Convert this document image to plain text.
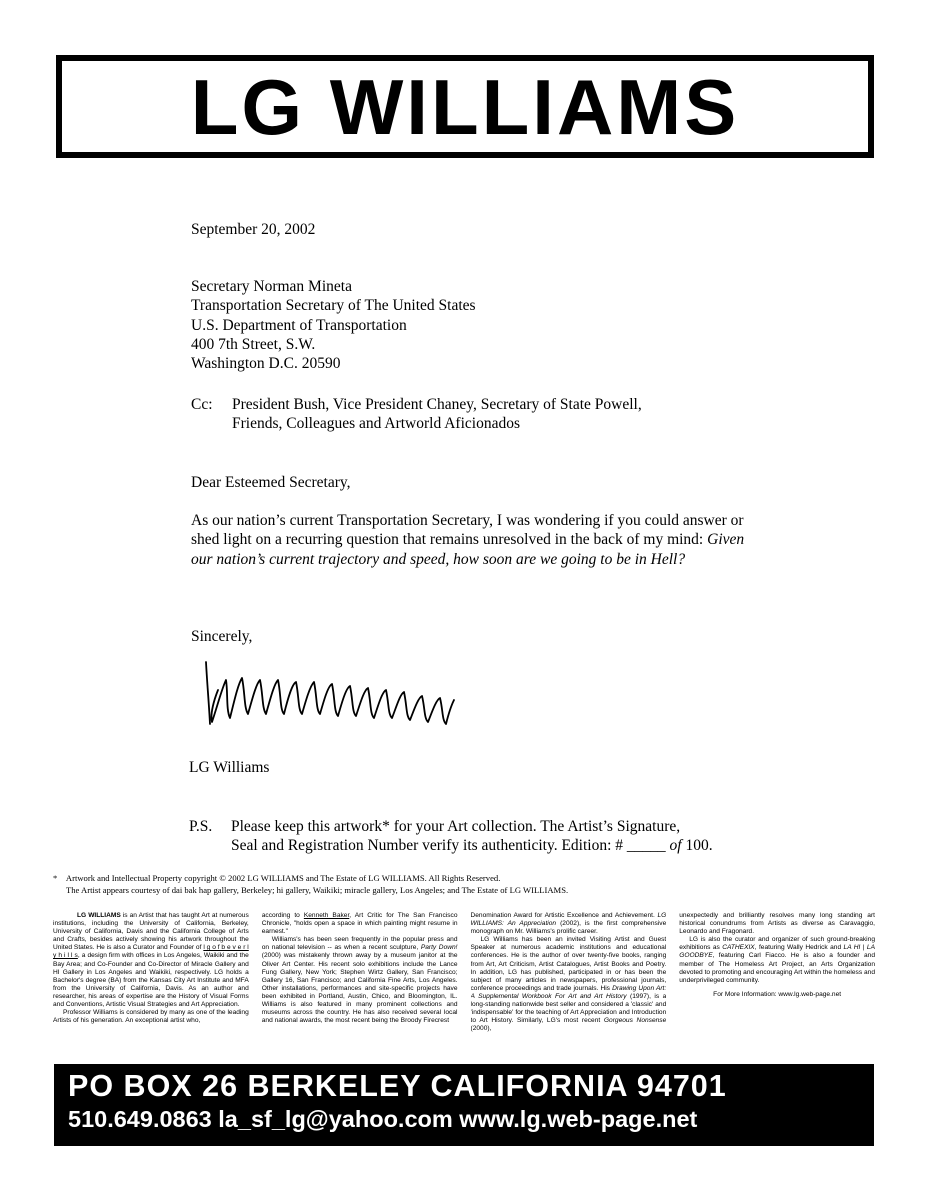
LG WILLIAMS
September 20, 2002
Secretary Norman Mineta
Transportation Secretary of The United States
U.S. Department of Transportation
400 7th Street, S.W.
Washington D.C. 20590
Cc: President Bush, Vice President Chaney, Secretary of State Powell,
Friends, Colleagues and Artworld Aficionados
Dear Esteemed Secretary,
As our nation’s current Transportation Secretary, I was wondering if you could answer or shed light on a recurring question that remains unresolved in the back of my mind: Given our nation’s current trajectory and speed, how soon are we going to be in Hell?
Sincerely,
LG Williams
P.S. Please keep this artwork* for your Art collection. The Artist’s Signature,
Seal and Registration Number verify its authenticity. Edition: # _____ of 100.
* Artwork and Intellectual Property copyright © 2002 LG WILLIAMS and The Estate of LG WILLIAMS. All Rights Reserved.
The Artist appears courtesy of dai bak hap gallery, Berkeley; hi gallery, Waikiki; miracle gallery, Los Angeles; and The Estate of LG WILLIAMS.

LG WILLIAMS is an Artist that has taught Art at numerous institutions, including the University of California, Berkeley, University of California, Davis and the California College of Arts and Crafts, besides actively showing his artwork throughout the United States. He is also a Curator and Founder of l g o f b e v e r l y h i l l s, a design firm with offices in Los Angeles, Waikiki and the Bay Area; and Co-Founder and Co-Director of Miracle Gallery and HI Gallery in Los Angeles and Waikiki, respectively. LG holds a Bachelor's degree (BA) from the Kansas City Art Institute and MFA from the University of California, Davis. As an author and researcher, his areas of expertise are the History of Visual Forms and Conventions, Artistic Visual Strategies and Art Appreciation.

Professor Williams is considered by many as one of the leading Artists of his generation. An exceptional artist who,

according to Kenneth Baker, Art Critic for The San Francisco Chronicle, "holds open a space in which painting might resume in earnest."

Williams's has been seen frequently in the popular press and on national television -- as when a recent sculpture, Party Down! (2000) was mistakenly thrown away by a museum janitor at the Oliver Art Center. His recent solo exhibitions include the Lance Fung Gallery, New York; Stephen Wirtz Gallery, San Francisco; Gallery 16, San Francisco; and California Fine Arts, Los Angeles. Other installations, performances and site-specific projects have been exhibited in Portland, Austin, Chico, and Bloomington, IL. Williams is also featured in many prominent collections and museums across the country. He has also received several local and national awards, the most recent being the Broody Firecrest

Denomination Award for Artistic Excellence and Achievement. LG WILLIAMS: An Appreciation (2002), is the first comprehensive monograph on Mr. Williams's prolific career.

LG Williams has been an invited Visiting Artist and Guest Speaker at numerous academic institutions and educational conferences. He is the author of over twenty-five books, ranging from Art, Art Criticism, Artist Catalogues, Artist Books and Poetry. In addition, LG has published, participated in or has been the subject of many articles in newspapers, professional journals, conference proceedings and trade journals. His Drawing Upon Art: A Supplemental Workbook For Art and Art History (1997), is a long-standing nationwide best seller and considered a 'classic' and 'indispensable' for the teaching of Art Appreciation and Introduction to Art History. Similarly, LG's most recent Gorgeous Nonsense (2000),

unexpectedly and brilliantly resolves many long standing art historical conundrums from Artists as diverse as Caravaggio, Leonardo and Fragonard.

LG is also the curator and organizer of such ground-breaking exhibitions as CATHEXIX, featuring Wally Hedrick and LA HI | LA GOODBYE, featuring Carl Fiacco. He is also a founder and member of The Homeless Art Project, an Arts Organization devoted to promoting and encouraging Art within the homeless and underprivileged community.

For More Information: www.lg.web-page.net

PO BOX 26 BERKELEY CALIFORNIA 94701
510.649.0863 la_sf_lg@yahoo.com www.lg.web-page.net
